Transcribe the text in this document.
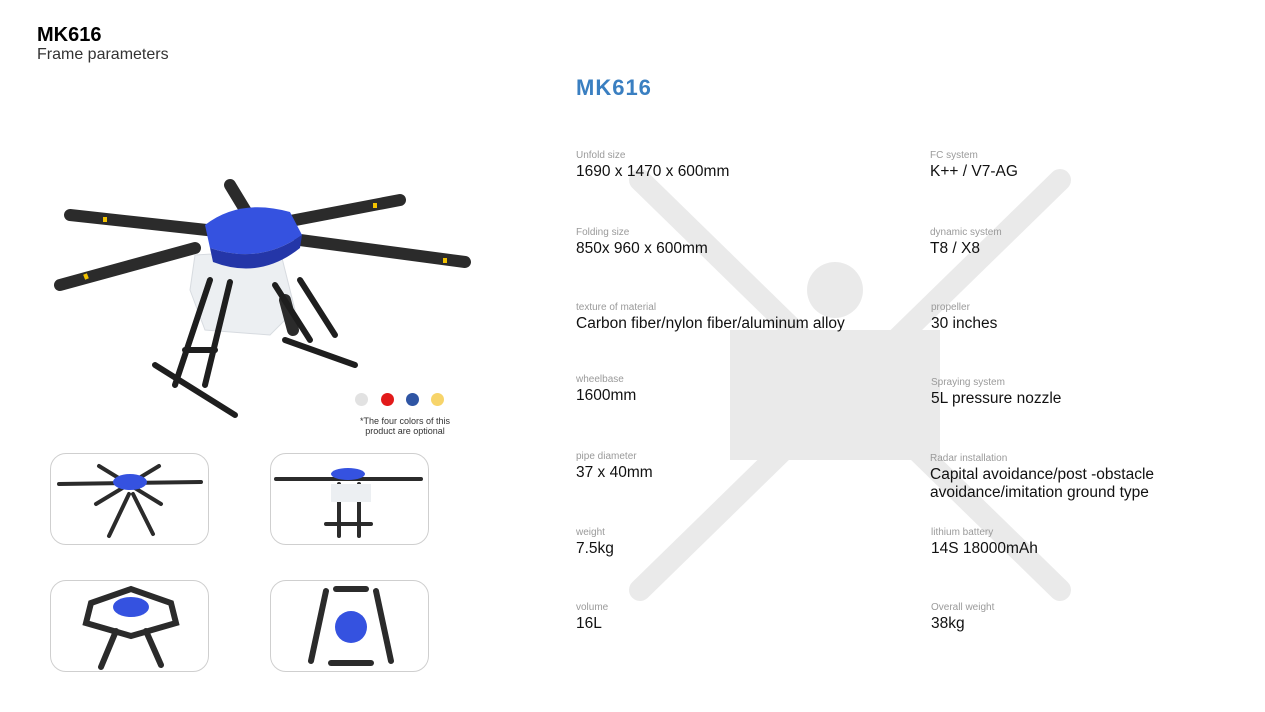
MK616
Frame parameters
MK616
Unfold size
1690 x 1470 x 600mm
Folding size
850x 960 x 600mm
texture of material
Carbon fiber/nylon fiber/aluminum alloy
wheelbase
1600mm
pipe diameter
37 x 40mm
weight
7.5kg
volume
16L
FC system
K++ / V7-AG
dynamic system
T8 / X8
propeller
30 inches
Spraying system
5L pressure nozzle
Radar installation
Capital avoidance/post -obstacle avoidance/imitation ground type
lithium battery
14S 18000mAh
Overall weight
38kg
*The four colors of this product are optional
